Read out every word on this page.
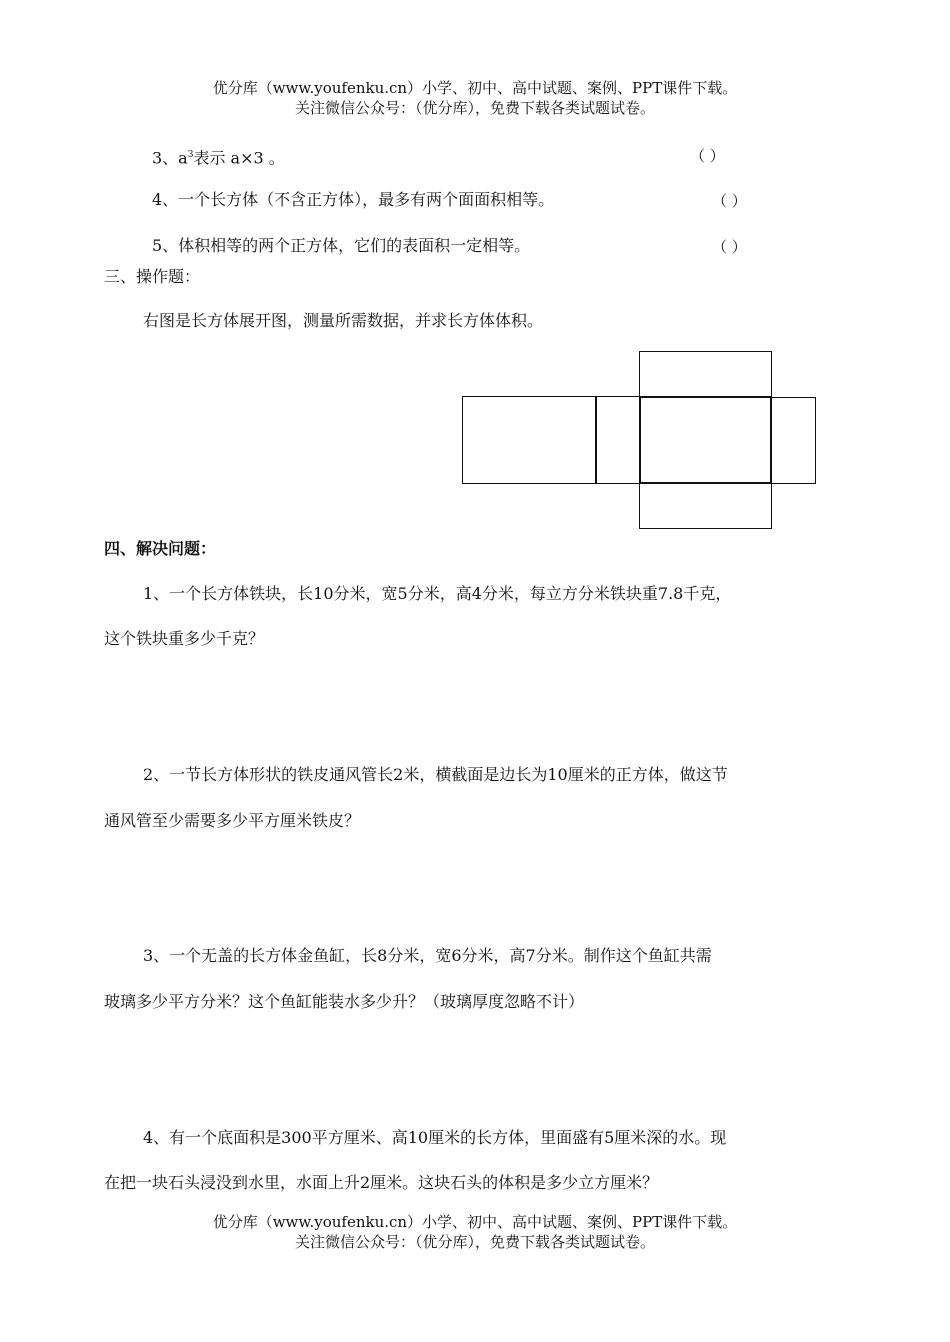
优分库（www.youfenku.cn）小学、初中、高中试题、案例、PPT课件下载。
关注微信公众号：（优分库），免费下载各类试题试卷。
3、$a^3$表示 a×3 。	（ ）
4、一个长方体（不含正方体），最多有两个面面积相等。	（ ）
5、体积相等的两个正方体，它们的表面积一定相等。	（ ）
三、操作题：
右图是长方体展开图，测量所需数据，并求长方体体积。
四、解决问题：
1、一个长方体铁块，长10分米，宽5分米，高4分米，每立方分米铁块重7.8千克，
这个铁块重多少千克？
2、一节长方体形状的铁皮通风管长2米，横截面是边长为10厘米的正方体，做这节
通风管至少需要多少平方厘米铁皮？
3、一个无盖的长方体金鱼缸，长8分米，宽6分米，高7分米。制作这个鱼缸共需
玻璃多少平方分米？这个鱼缸能装水多少升？（玻璃厚度忽略不计）
4、有一个底面积是300平方厘米、高10厘米的长方体，里面盛有5厘米深的水。现
在把一块石头浸没到水里，水面上升2厘米。这块石头的体积是多少立方厘米？
优分库（www.youfenku.cn）小学、初中、高中试题、案例、PPT课件下载。
关注微信公众号：（优分库），免费下载各类试题试卷。
